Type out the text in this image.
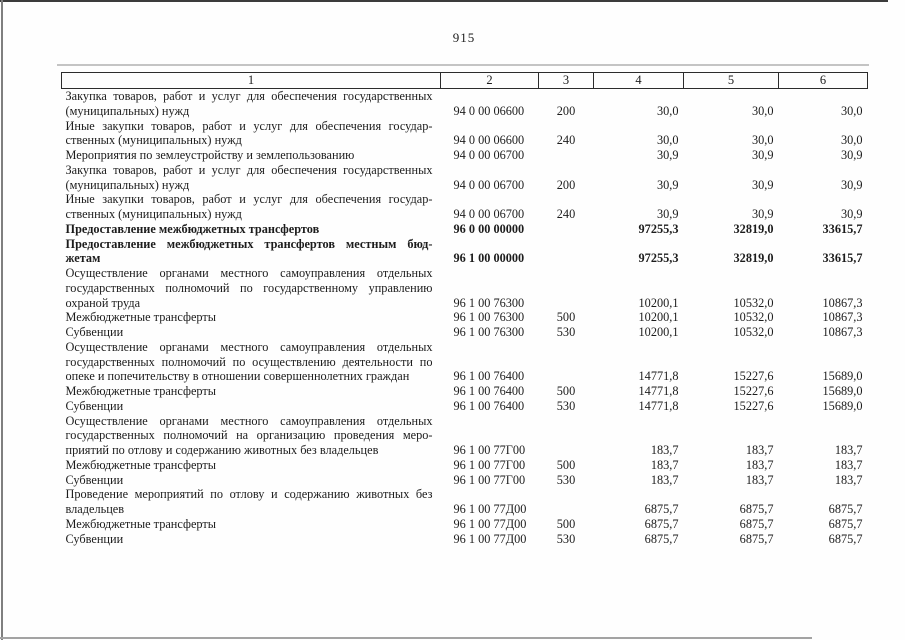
915
1	2	3	4	5	6

Закупка товаров, работ и услуг для обеспечения государственных
(муниципальных) нужд	94 0 00 06600	200	30,0	30,0	30,0

Иные закупки товаров, работ и услуг для обеспечения государ-
ственных (муниципальных) нужд	94 0 00 06600	240	30,0	30,0	30,0

Мероприятия по землеустройству и землепользованию	94 0 00 06700		30,9	30,9	30,9

Закупка товаров, работ и услуг для обеспечения государственных
(муниципальных) нужд	94 0 00 06700	200	30,9	30,9	30,9

Иные закупки товаров, работ и услуг для обеспечения государ-
ственных (муниципальных) нужд	94 0 00 06700	240	30,9	30,9	30,9

Предоставление межбюджетных трансфертов	96 0 00 00000		97255,3	32819,0	33615,7

Предоставление межбюджетных трансфертов местным бюд-
жетам	96 1 00 00000		97255,3	32819,0	33615,7

Осуществление органами местного самоуправления отдельных
государственных полномочий по государственному управлению
охраной труда	96 1 00 76300		10200,1	10532,0	10867,3

Межбюджетные трансферты	96 1 00 76300	500	10200,1	10532,0	10867,3

Субвенции	96 1 00 76300	530	10200,1	10532,0	10867,3

Осуществление органами местного самоуправления отдельных
государственных полномочий по осуществлению деятельности по
опеке и попечительству в отношении совершеннолетних граждан	96 1 00 76400		14771,8	15227,6	15689,0

Межбюджетные трансферты	96 1 00 76400	500	14771,8	15227,6	15689,0

Субвенции	96 1 00 76400	530	14771,8	15227,6	15689,0

Осуществление органами местного самоуправления отдельных
государственных полномочий на организацию проведения меро-
приятий по отлову и содержанию животных без владельцев	96 1 00 77Г00		183,7	183,7	183,7

Межбюджетные трансферты	96 1 00 77Г00	500	183,7	183,7	183,7

Субвенции	96 1 00 77Г00	530	183,7	183,7	183,7

Проведение мероприятий по отлову и содержанию животных без
владельцев	96 1 00 77Д00		6875,7	6875,7	6875,7

Межбюджетные трансферты	96 1 00 77Д00	500	6875,7	6875,7	6875,7

Субвенции	96 1 00 77Д00	530	6875,7	6875,7	6875,7
